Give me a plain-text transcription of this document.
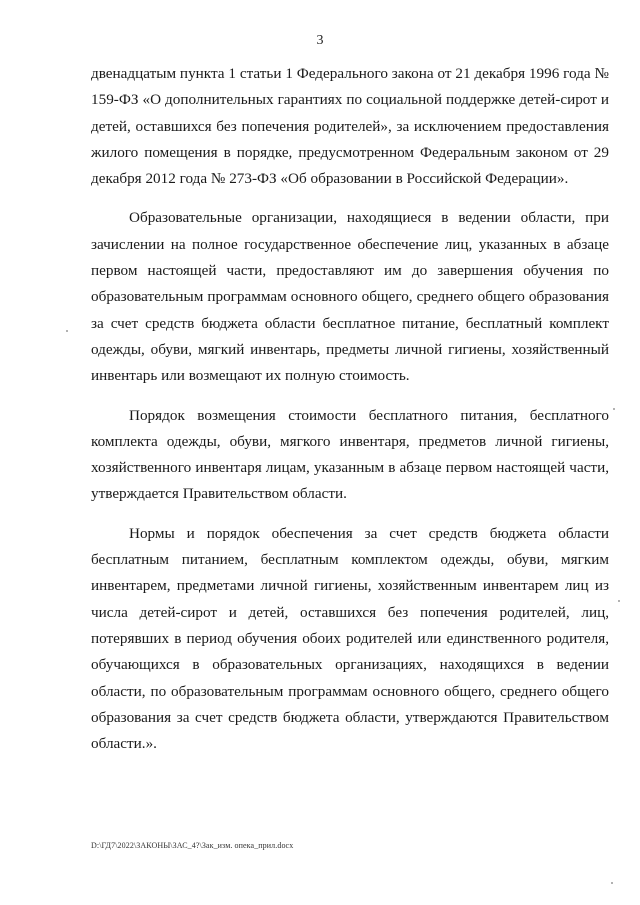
3

двенадцатым пункта 1 статьи 1 Федерального закона от 21 декабря 1996 года № 159-ФЗ «О дополнительных гарантиях по социальной поддержке детей-сирот и детей, оставшихся без попечения родителей», за исключением предоставления жилого помещения в порядке, предусмотренном Федеральным законом от 29 декабря 2012 года № 273-ФЗ «Об образовании в Российской Федерации».

Образовательные организации, находящиеся в ведении области, при зачислении на полное государственное обеспечение лиц, указанных в абзаце первом настоящей части, предоставляют им до завершения обучения по образовательным программам основного общего, среднего общего образования за счет средств бюджета области бесплатное питание, бесплатный комплект одежды, обуви, мягкий инвентарь, предметы личной гигиены, хозяйственный инвентарь или возмещают их полную стоимость.

Порядок возмещения стоимости бесплатного питания, бесплатного комплекта одежды, обуви, мягкого инвентаря, предметов личной гигиены, хозяйственного инвентаря лицам, указанным в абзаце первом настоящей части, утверждается Правительством области.

Нормы и порядок обеспечения за счет средств бюджета области бесплатным питанием, бесплатным комплектом одежды, обуви, мягким инвентарем, предметами личной гигиены, хозяйственным инвентарем лиц из числа детей-сирот и детей, оставшихся без попечения родителей, лиц, потерявших в период обучения обоих родителей или единственного родителя, обучающихся в образовательных организациях, находящихся в ведении области, по образовательным программам основного общего, среднего общего образования за счет средств бюджета области, утверждаются Правительством области.».

D:\ГД7\2022\ЗАКОНЫ\ЗАС_4?\Зак_изм. опека_прил.docx
